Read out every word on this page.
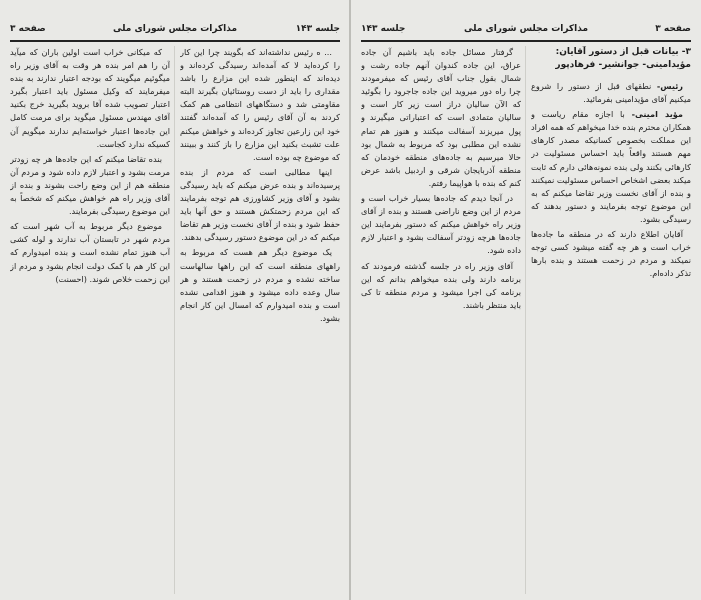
جلسه ۱۴۳
مذاکرات مجلس شورای ملی
صفحه ۳

... ه رئیس نداشته‌اند که بگویند چرا این کار را کرده‌اید لا که آمده‌اند رسیدگی کرده‌اند و دیده‌اند که اینطور شده این مزارع را باشد مقداری را باید از دست روستائیان بگیرند البته مقاومتی شد و دستگاههای انتظامی هم کمک کردند به آن آقای رئیس را که آمده‌اند گفتند خود این زارعین تجاوز کرده‌اند و خواهش میکنم علت تشبث بکنید این مزارع را باز کنند و ببینند که موضوع چه بوده است.

اینها مطالبی است که مردم از بنده پرسیده‌اند و بنده عرض میکنم که باید رسیدگی بشود و آقای وزیر کشاورزی هم توجه بفرمایند که این مردم زحمتکش هستند و حق آنها باید حفظ شود و بنده از آقای نخست وزیر هم تقاضا میکنم که در این موضوع دستور رسیدگی بدهند.

یک موضوع دیگر هم هست که مربوط به راههای منطقه است که این راهها سالهاست ساخته نشده و مردم در زحمت هستند و هر سال وعده داده میشود و هنوز اقدامی نشده است و بنده امیدوارم که امسال این کار انجام بشود.

که میکانی خراب است اولین باران که میآید آن را هم امر بنده هر وقت به آقای وزیر راه میگوئیم میگویند که بودجه اعتبار ندارند به بنده میفرمایند که وکیل مسئول باید اعتبار بگیرد اعتبار تصویب شده آقا بروید بگیرید خرج بکنید آقای مهندس مسئول میگوید برای مرمت کامل این جاده‌ها اعتبار خواسته‌ایم ندارند میگویم آن کسیکه ندارد کجاست.

بنده تقاضا میکنم که این جاده‌ها هر چه زودتر مرمت بشود و اعتبار لازم داده شود و مردم آن منطقه هم از این وضع راحت بشوند و بنده از آقای وزیر راه هم خواهش میکنم که شخصاً به این موضوع رسیدگی بفرمایند.

موضوع دیگر مربوط به آب شهر است که مردم شهر در تابستان آب ندارند و لوله کشی آب هنوز تمام نشده است و بنده امیدوارم که این کار هم با کمک دولت انجام بشود و مردم از این زحمت خلاص شوند. (احسنت)

صفحه ۳
مذاکرات مجلس شورای ملی
جلسه ۱۴۳
۳- بیانات قبل از دستور آقایان: مؤیدامینی- جوانشیر- فرهادپور

رئیس- نطقهای قبل از دستور را شروع میکنیم آقای مؤیدامینی بفرمائید.

مؤید امینی- با اجازه مقام ریاست و همکاران محترم بنده خدا میخواهم که همه افراد این مملکت بخصوص کسانیکه مصدر کارهای مهم هستند واقعاً باید احساس مسئولیت در کارهائی بکنند ولی بنده نمونه‌هائی دارم که ثابت میکند بعضی اشخاص احساس مسئولیت نمیکنند و بنده از آقای نخست وزیر تقاضا میکنم که به این موضوع توجه بفرمایند و دستور بدهند که رسیدگی بشود.

آقایان اطلاع دارند که در منطقه ما جاده‌ها خراب است و هر چه گفته میشود کسی توجه نمیکند و مردم در زحمت هستند و بنده بارها تذکر داده‌ام.

گرفتار مسائل جاده باید باشیم آن جاده عراق، این جاده کندوان آنهم جاده رشت و شمال بقول جناب آقای رئیس که میفرمودند چرا راه دور میروید این جاده جاجرود را بگوئید که الآن سالیان دراز است زیر کار است و سالیان متمادی است که اعتباراتی میگیرند و پول میریزند آسفالت میکنند و هنوز هم تمام نشده این مطلبی بود که مربوط به شمال بود حالا میرسیم به جاده‌های منطقه خودمان که منطقه آذربایجان شرقی و اردبیل باشد عرض کنم که بنده با هواپیما رفتم.

در آنجا دیدم که جاده‌ها بسیار خراب است و مردم از این وضع ناراضی هستند و بنده از آقای وزیر راه خواهش میکنم که دستور بفرمایند این جاده‌ها هرچه زودتر آسفالت بشود و اعتبار لازم داده شود.

آقای وزیر راه در جلسه گذشته فرمودند که برنامه دارند ولی بنده میخواهم بدانم که این برنامه کی اجرا میشود و مردم منطقه تا کی باید منتظر باشند.
